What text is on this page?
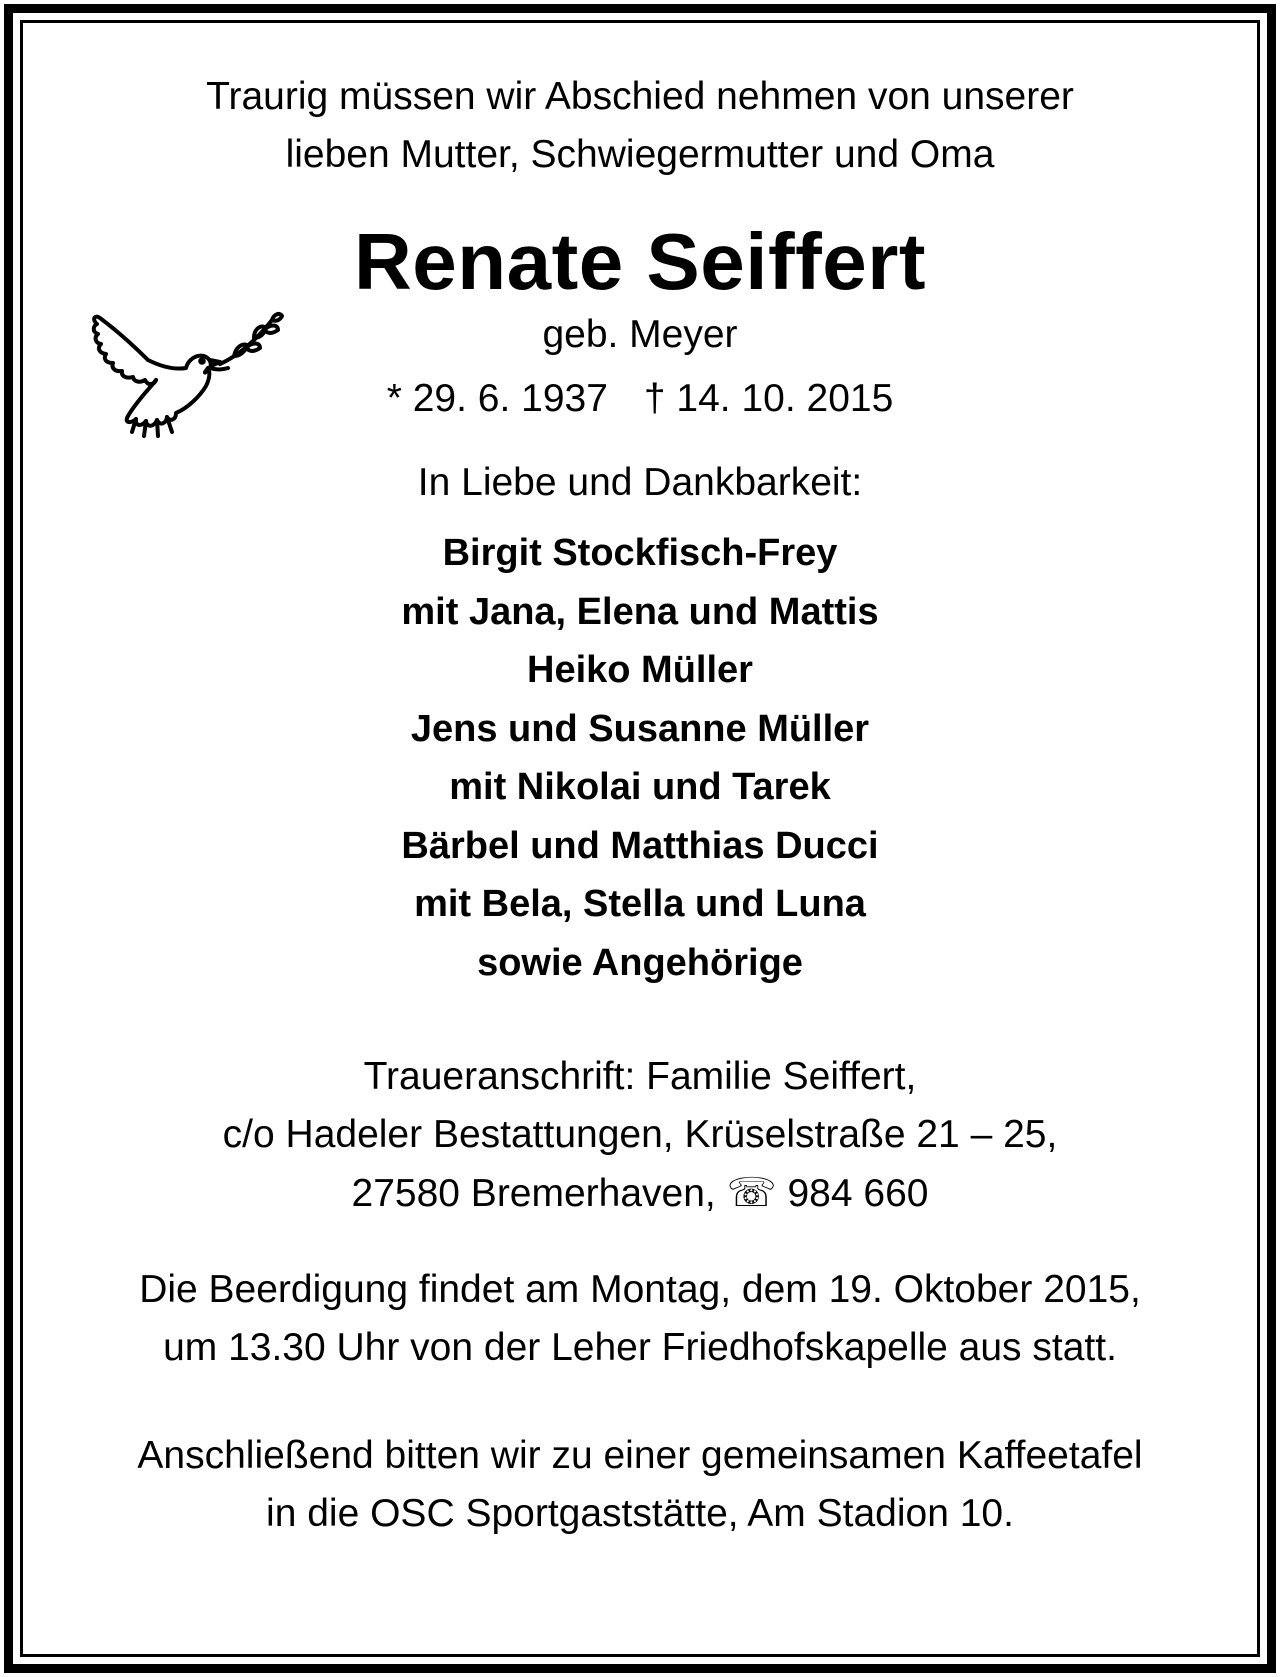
Traurig müssen wir Abschied nehmen von unserer
lieben Mutter, Schwiegermutter und Oma
Renate Seiffert
geb. Meyer
* 29. 6. 1937 † 14. 10. 2015
In Liebe und Dankbarkeit:
Birgit Stockfisch-Frey
mit Jana, Elena und Mattis
Heiko Müller
Jens und Susanne Müller
mit Nikolai und Tarek
Bärbel und Matthias Ducci
mit Bela, Stella und Luna
sowie Angehörige
Traueranschrift: Familie Seiffert,
c/o Hadeler Bestattungen, Krüselstraße 21 – 25,
27580 Bremerhaven, ☏ 984 660
Die Beerdigung findet am Montag, dem 19. Oktober 2015,
um 13.30 Uhr von der Leher Friedhofskapelle aus statt.
Anschließend bitten wir zu einer gemeinsamen Kaffeetafel
in die OSC Sportgaststätte, Am Stadion 10.
